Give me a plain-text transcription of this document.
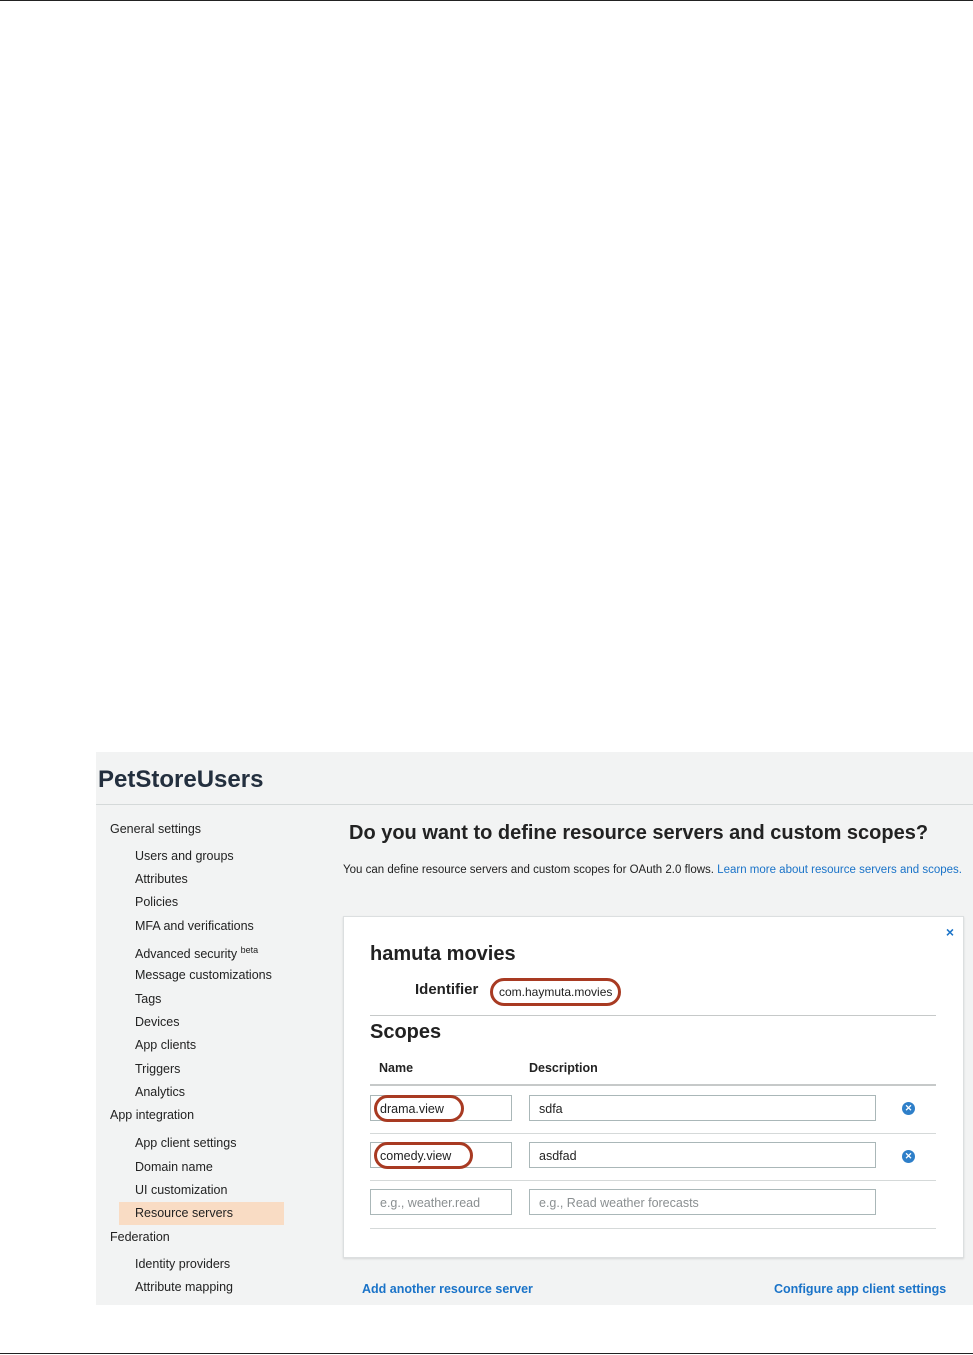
PetStoreUsers
General settings
Users and groups
Attributes
Policies
MFA and verifications
Advanced security $^{beta}$
Message customizations
Tags
Devices
App clients
Triggers
Analytics
App integration
App client settings
Domain name
UI customization
Resource servers
Federation
Identity providers
Attribute mapping
Do you want to define resource servers and custom scopes?
You can define resource servers and custom scopes for OAuth 2.0 flows. Learn more about resource servers and scopes.
×
hamuta movies
Identifier	com.haymuta.movies
Scopes
Name	Description
drama.view	sdfa	✕
comedy.view	asdfad	✕
e.g., weather.read	e.g., Read weather forecasts
Add another resource server	Configure app client settings
